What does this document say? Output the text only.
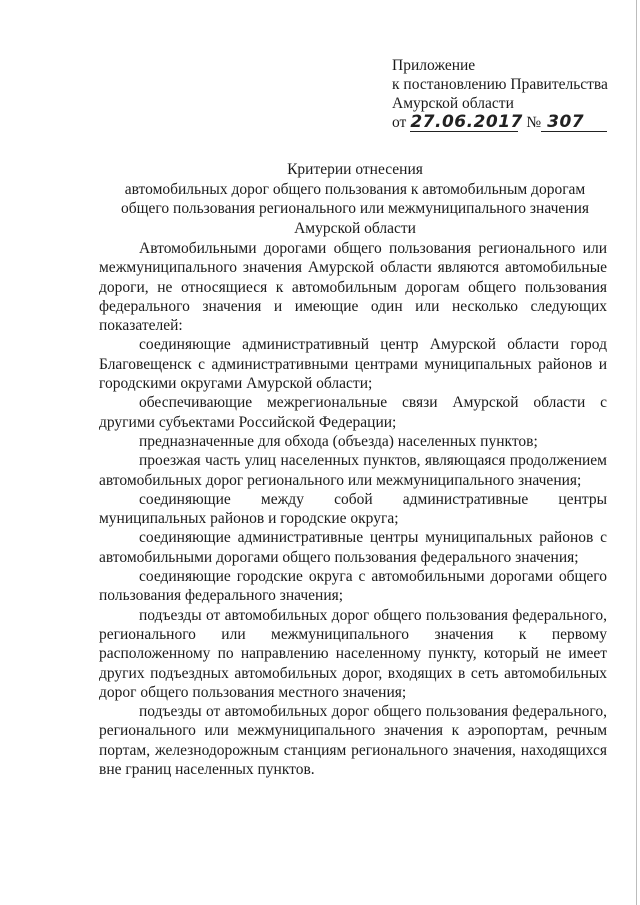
Приложение
к постановлению Правительства
Амурской области
от 27.06.2017 № 307
Критерии отнесения
автомобильных дорог общего пользования к автомобильным дорогам общего пользования регионального или межмуниципального значения Амурской области

Автомобильными дорогами общего пользования регионального или межмуниципального значения Амурской области являются автомобильные дороги, не относящиеся к автомобильным дорогам общего пользования федерального значения и имеющие один или несколько следующих показателей:

соединяющие административный центр Амурской области город Благовещенск с административными центрами муниципальных районов и городскими округами Амурской области;

обеспечивающие межрегиональные связи Амурской области с другими субъектами Российской Федерации;

предназначенные для обхода (объезда) населенных пунктов;

проезжая часть улиц населенных пунктов, являющаяся продолжением автомобильных дорог регионального или межмуниципального значения;

соединяющие между собой административные центры муниципальных районов и городские округа;

соединяющие административные центры муниципальных районов с автомобильными дорогами общего пользования федерального значения;

соединяющие городские округа с автомобильными дорогами общего пользования федерального значения;

подъезды от автомобильных дорог общего пользования федерального, регионального или межмуниципального значения к первому расположенному по направлению населенному пункту, который не имеет других подъездных автомобильных дорог, входящих в сеть автомобильных дорог общего пользования местного значения;

подъезды от автомобильных дорог общего пользования федерального, регионального или межмуниципального значения к аэропортам, речным портам, железнодорожным станциям регионального значения, находящихся вне границ населенных пунктов.
